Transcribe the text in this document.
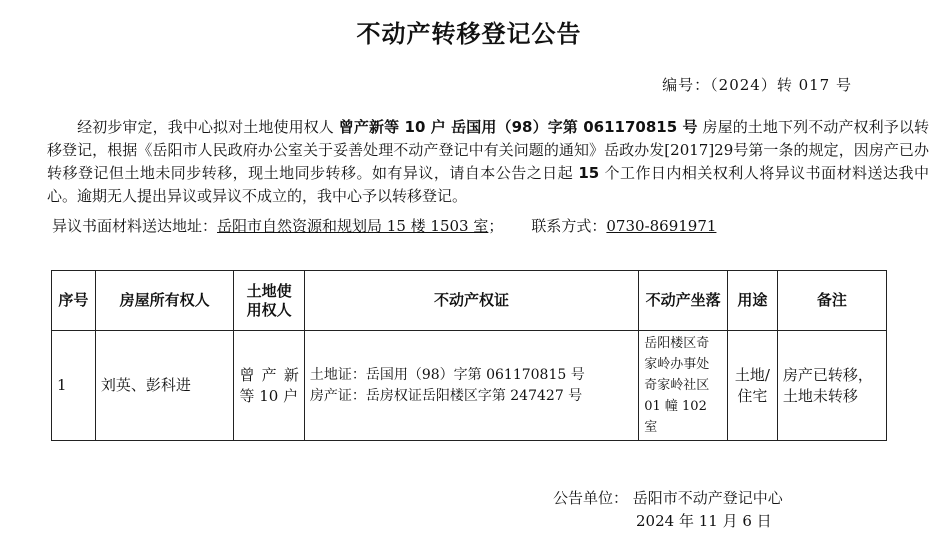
不动产转移登记公告
编号：（2024）转 017 号
  经初步审定，我中心拟对土地使用权人 曾产新等 10 户 岳国用（98）字第 061170815 号 房屋的土地下列不动产权利予以转移登记，根据《岳阳市人民政府办公室关于妥善处理不动产登记中有关问题的通知》岳政办发[2017]29号第一条的规定，因房产已办转移登记但土地未同步转移，现土地同步转移。如有异议，请自本公告之日起 15 个工作日内相关权利人将异议书面材料送达我中心。逾期无人提出异议或异议不成立的，我中心予以转移登记。
异议书面材料送达地址：岳阳市自然资源和规划局 15 楼 1503 室； 联系方式：0730-8691971
序号	房屋所有权人	土地使用权人	不动产权证	不动产坐落	用途	备注
1	刘英、彭科进	曾产新等 10 户	土地证：岳国用（98）字第 061170815 号
房产证：岳房权证岳阳楼区字第 247427 号	岳阳楼区奇家岭办事处奇家岭社区 01 幢 102 室	土地/住宅	房产已转移，土地未转移
公告单位： 岳阳市不动产登记中心
2024 年 11 月 6 日
